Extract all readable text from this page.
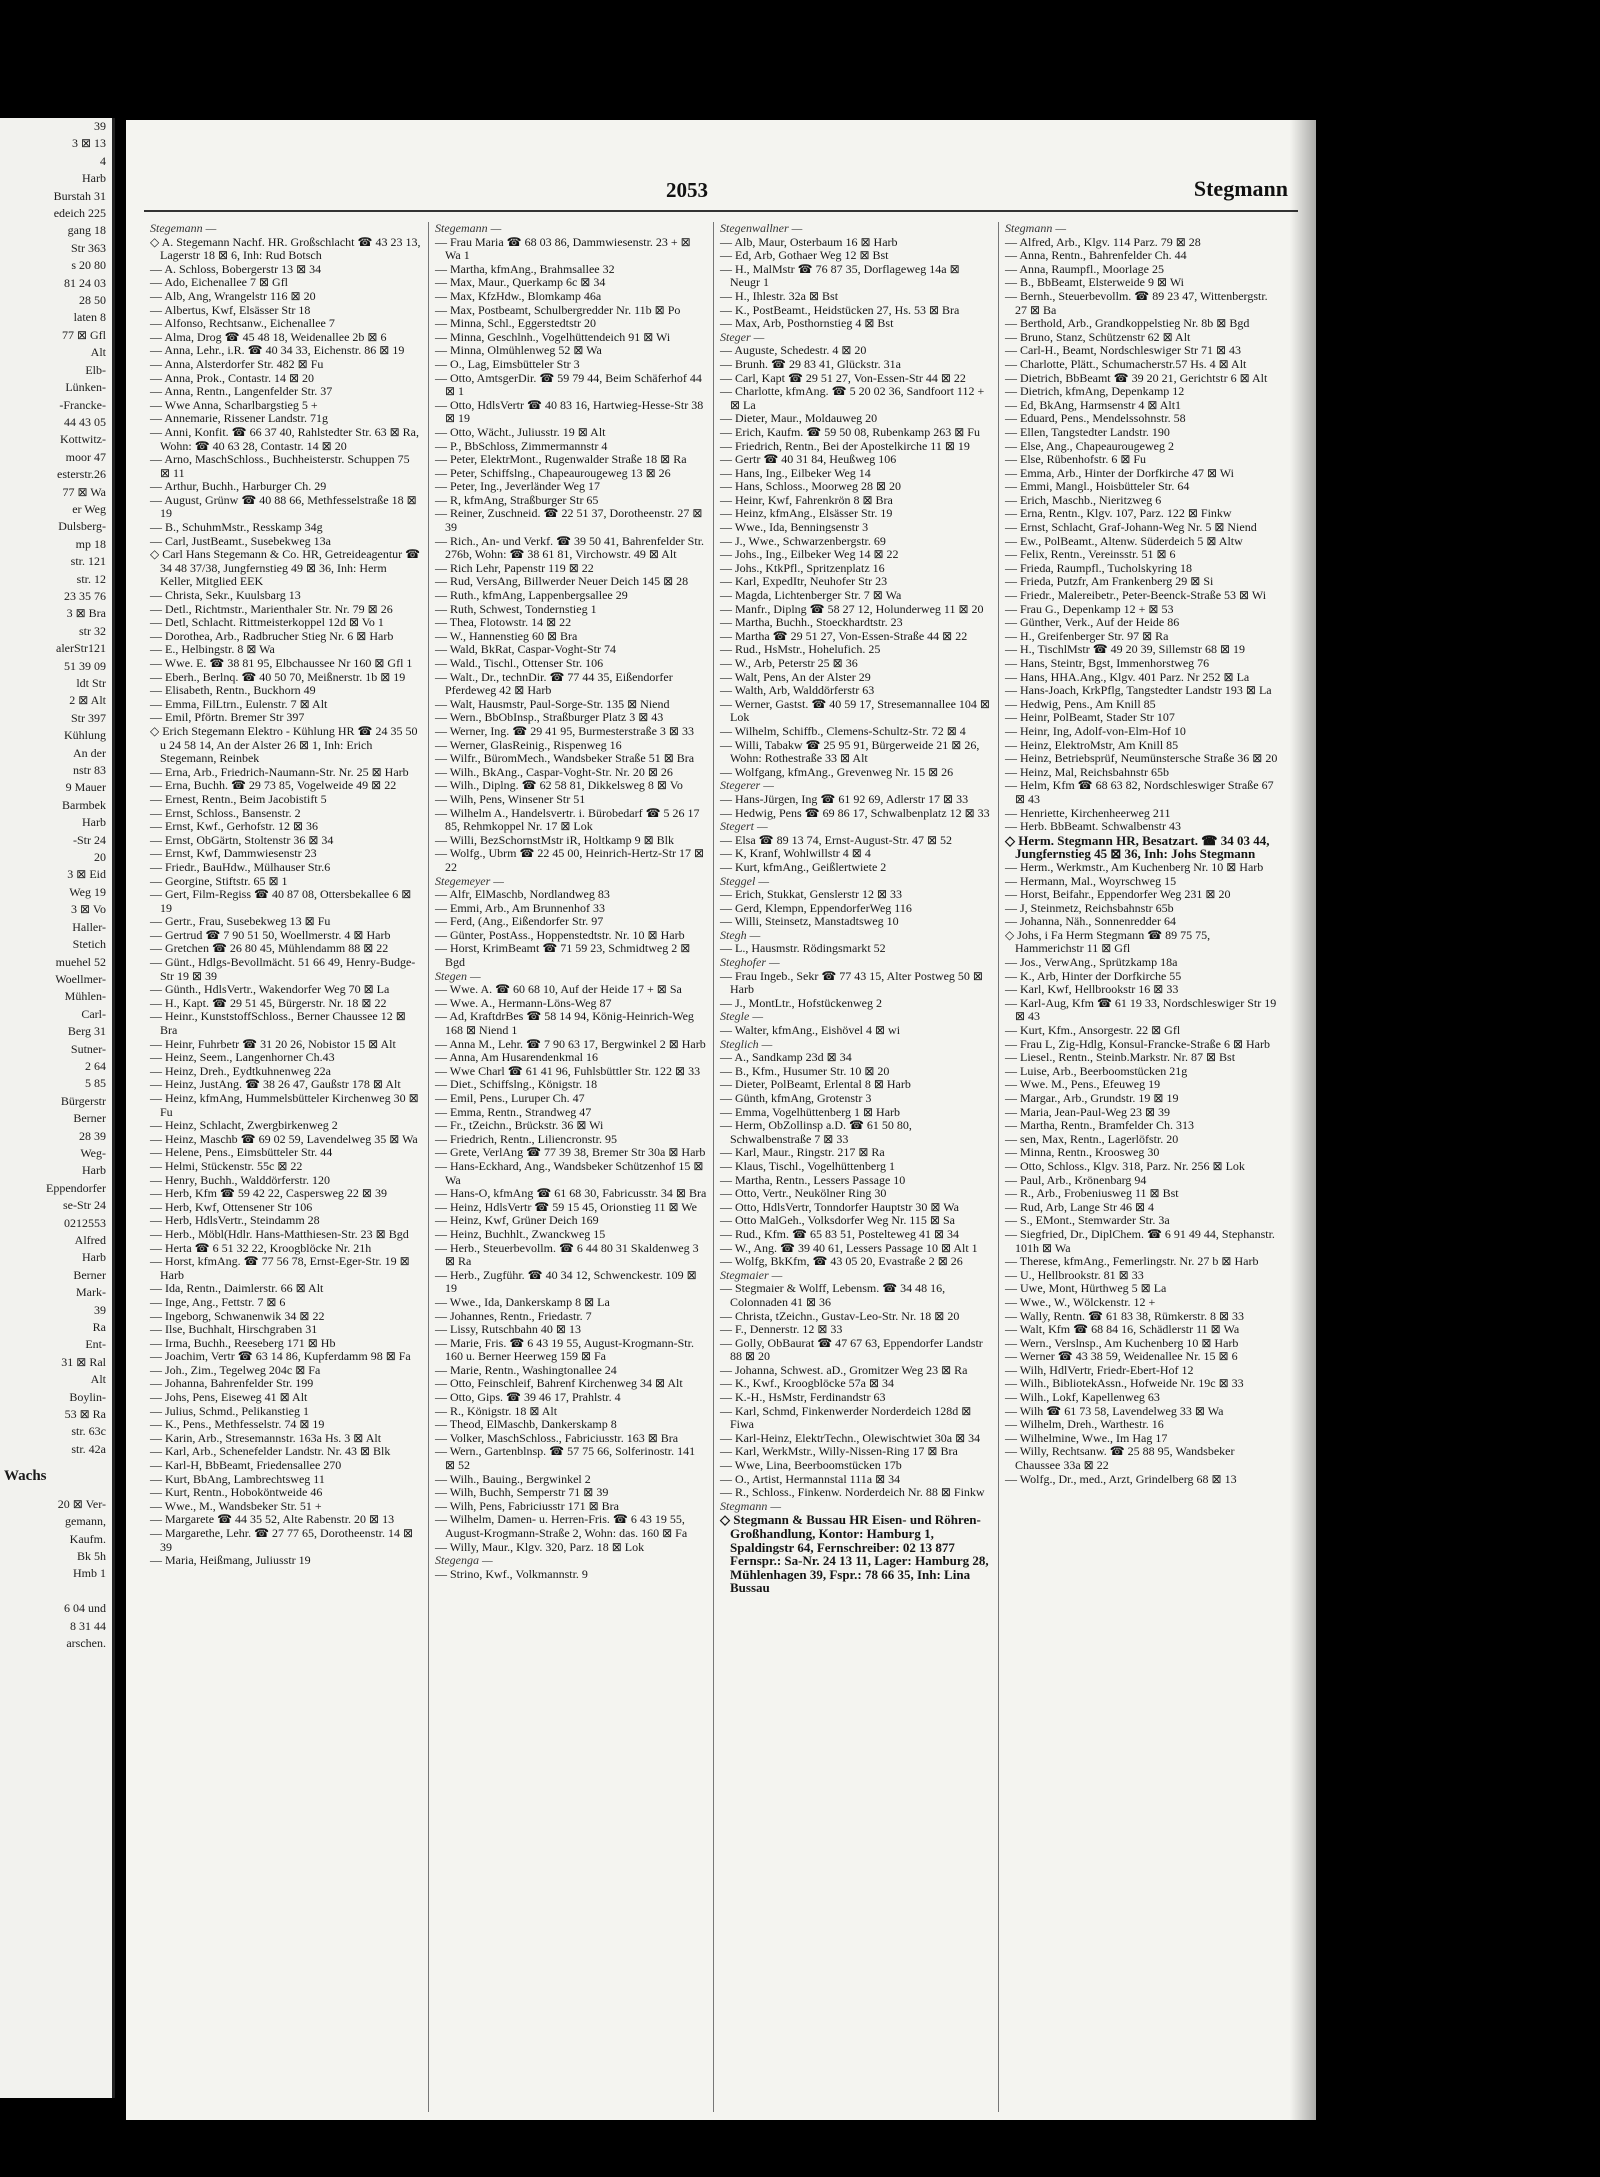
39
3 ⊠ 13
4
Harb
Burstah 31
edeich 225
gang 18
Str 363
s 20 80
81 24 03
28 50
laten 8
77 ⊠ Gfl
Alt
Elb-
Lünken-
-Francke-
44 43 05
Kottwitz-
moor 47
esterstr.26
77 ⊠ Wa
er Weg
Dulsberg-
mp 18
str. 121
str. 12
23 35 76
3 ⊠ Bra
str 32
alerStr121
51 39 09
ldt Str
2 ⊠ Alt
Str 397
Kühlung
An der
nstr 83
9 Mauer
Barmbek
Harb
-Str 24
20
3 ⊠ Eid
Weg 19
3 ⊠ Vo
Haller-
Stetich
muehel 52
Woellmer-
Mühlen-
Carl-
Berg 31
Sutner-
2 64
5 85
Bürgerstr
Berner
28 39
Weg-
Harb
Eppendorfer
se-Str 24
0212553
Alfred
Harb
Berner
Mark-
39
Ra
Ent-
31 ⊠ Ral
Alt
Boylin-
53 ⊠ Ra
str. 63c
str. 42a
Wachs
20 ⊠ Ver-
gemann,
Kaufm.
Bk 5h
Hmb 1

6 04 und
8 31 44
arschen.
2053	Stegmann

Stegemann —

◇ A. Stegemann Nachf. HR. Großschlacht ☎ 43 23 13, Lagerstr 18 ⊠ 6, Inh: Rud Botsch

— A. Schloss, Bobergerstr 13 ⊠ 34

— Ado, Eichenallee 7 ⊠ Gfl

— Alb, Ang, Wrangelstr 116 ⊠ 20

— Albertus, Kwf, Elsässer Str 18

— Alfonso, Rechtsanw., Eichenallee 7

— Alma, Drog ☎ 45 48 18, Weidenallee 2b ⊠ 6

— Anna, Lehr., i.R. ☎ 40 34 33, Eichenstr. 86 ⊠ 19

— Anna, Alsterdorfer Str. 482 ⊠ Fu

— Anna, Prok., Contastr. 14 ⊠ 20

— Anna, Rentn., Langenfelder Str. 37

— Wwe Anna, Scharlbargstieg 5 +

— Annemarie, Rissener Landstr. 71g

— Anni, Konfit. ☎ 66 37 40, Rahlstedter Str. 63 ⊠ Ra, Wohn: ☎ 40 63 28, Contastr. 14 ⊠ 20

— Arno, MaschSchloss., Buchheisterstr. Schuppen 75 ⊠ 11

— Arthur, Buchh., Harburger Ch. 29

— August, Grünw ☎ 40 88 66, Methfesselstraße 18 ⊠ 19

— B., SchuhmMstr., Resskamp 34g

— Carl, JustBeamt., Susebekweg 13a

◇ Carl Hans Stegemann & Co. HR, Getreideagentur ☎ 34 48 37/38, Jungfernstieg 49 ⊠ 36, Inh: Herm Keller, Mitglied EEK

— Christa, Sekr., Kuulsbarg 13

— Detl., Richtmstr., Marienthaler Str. Nr. 79 ⊠ 26

— Detl, Schlacht. Rittmeisterkoppel 12d ⊠ Vo 1

— Dorothea, Arb., Radbrucher Stieg Nr. 6 ⊠ Harb

— E., Helbingstr. 8 ⊠ Wa

— Wwe. E. ☎ 38 81 95, Elbchaussee Nr 160 ⊠ Gfl 1

— Eberh., Berlnq. ☎ 40 50 70, Meißnerstr. 1b ⊠ 19

— Elisabeth, Rentn., Buckhorn 49

— Emma, FilLtrn., Eulenstr. 7 ⊠ Alt

— Emil, Pförtn. Bremer Str 397

◇ Erich Stegemann Elektro - Kühlung HR ☎ 24 35 50 u 24 58 14, An der Alster 26 ⊠ 1, Inh: Erich Stegemann, Reinbek

— Erna, Arb., Friedrich-Naumann-Str. Nr. 25 ⊠ Harb

— Erna, Buchh. ☎ 29 73 85, Vogelweide 49 ⊠ 22

— Ernest, Rentn., Beim Jacobistift 5

— Ernst, Schloss., Bansenstr. 2

— Ernst, Kwf., Gerhofstr. 12 ⊠ 36

— Ernst, ObGärtn, Stoltenstr 36 ⊠ 34

— Ernst, Kwf, Dammwiesenstr 23

— Friedr., BauHdw., Mülhauser Str.6

— Georgine, Stiftstr. 65 ⊠ 1

— Gert, Film-Regiss ☎ 40 87 08, Ottersbekallee 6 ⊠ 19

— Gertr., Frau, Susebekweg 13 ⊠ Fu

— Gertrud ☎ 7 90 51 50, Woellmerstr. 4 ⊠ Harb

— Gretchen ☎ 26 80 45, Mühlendamm 88 ⊠ 22

— Günt., Hdlgs-Bevollmächt. 51 66 49, Henry-Budge-Str 19 ⊠ 39

— Günth., HdlsVertr., Wakendorfer Weg 70 ⊠ La

— H., Kapt. ☎ 29 51 45, Bürgerstr. Nr. 18 ⊠ 22

— Heinr., KunststoffSchloss., Berner Chaussee 12 ⊠ Bra

— Heinr, Fuhrbetr ☎ 31 20 26, Nobistor 15 ⊠ Alt

— Heinz, Seem., Langenhorner Ch.43

— Heinz, Dreh., Eydtkuhnenweg 22a

— Heinz, JustAng. ☎ 38 26 47, Gaußstr 178 ⊠ Alt

— Heinz, kfmAng, Hummelsbütteler Kirchenweg 30 ⊠ Fu

— Heinz, Schlacht, Zwergbirkenweg 2

— Heinz, Maschb ☎ 69 02 59, Lavendelweg 35 ⊠ Wa

— Helene, Pens., Eimsbütteler Str. 44

— Helmi, Stückenstr. 55c ⊠ 22

— Henry, Buchh., Walddörferstr. 120

— Herb, Kfm ☎ 59 42 22, Caspersweg 22 ⊠ 39

— Herb, Kwf, Ottensener Str 106

— Herb, HdlsVertr., Steindamm 28

— Herb., Möbl(Hdlr. Hans-Matthiesen-Str. 23 ⊠ Bgd

— Herta ☎ 6 51 32 22, Kroogblöcke Nr. 21h

— Horst, kfmAng. ☎ 77 56 78, Ernst-Eger-Str. 19 ⊠ Harb

— Ida, Rentn., Daimlerstr. 66 ⊠ Alt

— Inge, Ang., Fettstr. 7 ⊠ 6

— Ingeborg, Schwanenwik 34 ⊠ 22

— Ilse, Buchhalt, Hirschgraben 31

— Irma, Buchh., Reeseberg 171 ⊠ Hb

— Joachim, Vertr ☎ 63 14 86, Kupferdamm 98 ⊠ Fa

— Joh., Zim., Tegelweg 204c ⊠ Fa

— Johanna, Bahrenfelder Str. 199

— Johs, Pens, Eiseweg 41 ⊠ Alt

— Julius, Schmd., Pelikanstieg 1

— K., Pens., Methfesselstr. 74 ⊠ 19

— Karin, Arb., Stresemannstr. 163a Hs. 3 ⊠ Alt

— Karl, Arb., Schenefelder Landstr. Nr. 43 ⊠ Blk

— Karl-H, BbBeamt, Friedensallee 270

— Kurt, BbAng, Lambrechtsweg 11

— Kurt, Rentn., Hoboköntweide 46

— Wwe., M., Wandsbeker Str. 51 +

— Margarete ☎ 44 35 52, Alte Rabenstr. 20 ⊠ 13

— Margarethe, Lehr. ☎ 27 77 65, Dorotheenstr. 14 ⊠ 39

— Maria, Heißmang, Juliusstr 19

Stegemann —

— Frau Maria ☎ 68 03 86, Dammwiesenstr. 23 + ⊠ Wa 1

— Martha, kfmAng., Brahmsallee 32

— Max, Maur., Querkamp 6c ⊠ 34

— Max, KfzHdw., Blomkamp 46a

— Max, Postbeamt, Schulbergredder Nr. 11b ⊠ Po

— Minna, Schl., Eggerstedtstr 20

— Minna, Geschlnh., Vogelhüttendeich 91 ⊠ Wi

— Minna, Olmühlenweg 52 ⊠ Wa

— O., Lag, Eimsbütteler Str 3

— Otto, AmtsgerDir. ☎ 59 79 44, Beim Schäferhof 44 ⊠ 1

— Otto, HdlsVertr ☎ 40 83 16, Hartwieg-Hesse-Str 38 ⊠ 19

— Otto, Wächt., Juliusstr. 19 ⊠ Alt

— P., BbSchloss, Zimmermannstr 4

— Peter, ElektrMont., Rugenwalder Straße 18 ⊠ Ra

— Peter, Schiffslng., Chapeaurougeweg 13 ⊠ 26

— Peter, Ing., Jeverländer Weg 17

— R, kfmAng, Straßburger Str 65

— Reiner, Zuschneid. ☎ 22 51 37, Dorotheenstr. 27 ⊠ 39

— Rich., An- und Verkf. ☎ 39 50 41, Bahrenfelder Str. 276b, Wohn: ☎ 38 61 81, Virchowstr. 49 ⊠ Alt

— Rich Lehr, Papenstr 119 ⊠ 22

— Rud, VersAng, Billwerder Neuer Deich 145 ⊠ 28

— Ruth., kfmAng, Lappenbergsallee 29

— Ruth, Schwest, Tondernstieg 1

— Thea, Flotowstr. 14 ⊠ 22

— W., Hannenstieg 60 ⊠ Bra

— Wald, BkRat, Caspar-Voght-Str 74

— Wald., Tischl., Ottenser Str. 106

— Walt., Dr., technDir. ☎ 77 44 35, Eißendorfer Pferdeweg 42 ⊠ Harb

— Walt, Hausmstr, Paul-Sorge-Str. 135 ⊠ Niend

— Wern., BbObInsp., Straßburger Platz 3 ⊠ 43

— Werner, Ing. ☎ 29 41 95, Burmesterstraße 3 ⊠ 33

— Werner, GlasReinig., Rispenweg 16

— Wilfr., BüromMech., Wandsbeker Straße 51 ⊠ Bra

— Wilh., BkAng., Caspar-Voght-Str. Nr. 20 ⊠ 26

— Wilh., Diplng. ☎ 62 58 81, Dikkelsweg 8 ⊠ Vo

— Wilh, Pens, Winsener Str 51

— Wilhelm A., Handelsvertr. i. Bürobedarf ☎ 5 26 17 85, Rehmkoppel Nr. 17 ⊠ Lok

— Willi, BezSchornstMstr iR, Holtkamp 9 ⊠ Blk

— Wolfg., Ubrm ☎ 22 45 00, Heinrich-Hertz-Str 17 ⊠ 22

Stegemeyer —

— Alfr, ElMaschb, Nordlandweg 83

— Emmi, Arb., Am Brunnenhof 33

— Ferd, (Ang., Eißendorfer Str. 97

— Günter, PostAss., Hoppenstedtstr. Nr. 10 ⊠ Harb

— Horst, KrimBeamt ☎ 71 59 23, Schmidtweg 2 ⊠ Bgd

Stegen —

— Wwe. A. ☎ 60 68 10, Auf der Heide 17 + ⊠ Sa

— Wwe. A., Hermann-Löns-Weg 87

— Ad, KraftdrBes ☎ 58 14 94, König-Heinrich-Weg 168 ⊠ Niend 1

— Anna M., Lehr. ☎ 7 90 63 17, Bergwinkel 2 ⊠ Harb

— Anna, Am Husarendenkmal 16

— Wwe Charl ☎ 61 41 96, Fuhlsbüttler Str. 122 ⊠ 33

— Diet., Schiffslng., Königstr. 18

— Emil, Pens., Luruper Ch. 47

— Emma, Rentn., Strandweg 47

— Fr., tZeichn., Brückstr. 36 ⊠ Wi

— Friedrich, Rentn., Liliencronstr. 95

— Grete, VerlAng ☎ 77 39 38, Bremer Str 30a ⊠ Harb

— Hans-Eckhard, Ang., Wandsbeker Schützenhof 15 ⊠ Wa

— Hans-O, kfmAng ☎ 61 68 30, Fabricusstr. 34 ⊠ Bra

— Heinz, HdlsVertr ☎ 59 15 45, Orionstieg 11 ⊠ We

— Heinz, Kwf, Grüner Deich 169

— Heinz, Buchhlt., Zwanckweg 15

— Herb., Steuerbevollm. ☎ 6 44 80 31 Skaldenweg 3 ⊠ Ra

— Herb., Zugführ. ☎ 40 34 12, Schwenckestr. 109 ⊠ 19

— Wwe., Ida, Dankerskamp 8 ⊠ La

— Johannes, Rentn., Friedastr. 7

— Lissy, Rutschbahn 40 ⊠ 13

— Marie, Fris. ☎ 6 43 19 55, August-Krogmann-Str. 160 u. Berner Heerweg 159 ⊠ Fa

— Marie, Rentn., Washingtonallee 24

— Otto, Feinschleif, Bahrenf Kirchenweg 34 ⊠ Alt

— Otto, Gips. ☎ 39 46 17, Prahlstr. 4

— R., Königstr. 18 ⊠ Alt

— Theod, ElMaschb, Dankerskamp 8

— Volker, MaschSchloss., Fabriciusstr. 163 ⊠ Bra

— Wern., Gartenblnsp. ☎ 57 75 66, Solferinostr. 141 ⊠ 52

— Wilh., Bauing., Bergwinkel 2

— Wilh, Buchh, Semperstr 71 ⊠ 39

— Wilh, Pens, Fabriciusstr 171 ⊠ Bra

— Wilhelm, Damen- u. Herren-Fris. ☎ 6 43 19 55, August-Krogmann-Straße 2, Wohn: das. 160 ⊠ Fa

— Willy, Maur., Klgv. 320, Parz. 18 ⊠ Lok

Stegenga —

— Strino, Kwf., Volkmannstr. 9

Stegenwallner —

— Alb, Maur, Osterbaum 16 ⊠ Harb

— Ed, Arb, Gothaer Weg 12 ⊠ Bst

— H., MalMstr ☎ 76 87 35, Dorflageweg 14a ⊠ Neugr 1

— H., Ihlestr. 32a ⊠ Bst

— K., PostBeamt., Heidstücken 27, Hs. 53 ⊠ Bra

— Max, Arb, Posthornstieg 4 ⊠ Bst

Steger —

— Auguste, Schedestr. 4 ⊠ 20

— Brunh. ☎ 29 83 41, Glückstr. 31a

— Carl, Kapt ☎ 29 51 27, Von-Essen-Str 44 ⊠ 22

— Charlotte, kfmAng. ☎ 5 20 02 36, Sandfoort 112 + ⊠ La

— Dieter, Maur., Moldauweg 20

— Erich, Kaufm. ☎ 59 50 08, Rubenkamp 263 ⊠ Fu

— Friedrich, Rentn., Bei der Apostelkirche 11 ⊠ 19

— Gertr ☎ 40 31 84, Heußweg 106

— Hans, Ing., Eilbeker Weg 14

— Hans, Schloss., Moorweg 28 ⊠ 20

— Heinr, Kwf, Fahrenkrön 8 ⊠ Bra

— Heinz, kfmAng., Elsässer Str. 19

— Wwe., Ida, Benningsenstr 3

— J., Wwe., Schwarzenbergstr. 69

— Johs., Ing., Eilbeker Weg 14 ⊠ 22

— Johs., KtkPfl., Spritzenplatz 16

— Karl, ExpedItr, Neuhofer Str 23

— Magda, Lichtenberger Str. 7 ⊠ Wa

— Manfr., Diplng ☎ 58 27 12, Holunderweg 11 ⊠ 20

— Martha, Buchh., Stoeckhardtstr. 23

— Martha ☎ 29 51 27, Von-Essen-Straße 44 ⊠ 22

— Rud., HsMstr., Hohelufich. 25

— W., Arb, Peterstr 25 ⊠ 36

— Walt, Pens, An der Alster 29

— Walth, Arb, Walddörferstr 63

— Werner, Gastst. ☎ 40 59 17, Stresemannallee 104 ⊠ Lok

— Wilhelm, Schiffb., Clemens-Schultz-Str. 72 ⊠ 4

— Willi, Tabakw ☎ 25 95 91, Bürgerweide 21 ⊠ 26, Wohn: Rothestraße 33 ⊠ Alt

— Wolfgang, kfmAng., Grevenweg Nr. 15 ⊠ 26

Stegerer —

— Hans-Jürgen, Ing ☎ 61 92 69, Adlerstr 17 ⊠ 33

— Hedwig, Pens ☎ 69 86 17, Schwalbenplatz 12 ⊠ 33

Stegert —

— Elsa ☎ 89 13 74, Ernst-August-Str. 47 ⊠ 52

— K, Kranf, Wohlwillstr 4 ⊠ 4

— Kurt, kfmAng., Geißlertwiete 2

Steggel —

— Erich, Stukkat, Genslerstr 12 ⊠ 33

— Gerd, Klempn, EppendorferWeg 116

— Willi, Steinsetz, Manstadtsweg 10

Stegh —

— L., Hausmstr. Rödingsmarkt 52

Steghofer —

— Frau Ingeb., Sekr ☎ 77 43 15, Alter Postweg 50 ⊠ Harb

— J., MontLtr., Hofstückenweg 2

Stegle —

— Walter, kfmAng., Eishövel 4 ⊠ wi

Steglich —

— A., Sandkamp 23d ⊠ 34

— B., Kfm., Husumer Str. 10 ⊠ 20

— Dieter, PolBeamt, Erlental 8 ⊠ Harb

— Günth, kfmAng, Grotenstr 3

— Emma, Vogelhüttenberg 1 ⊠ Harb

— Herm, ObZollinsp a.D. ☎ 61 50 80, Schwalbenstraße 7 ⊠ 33

— Karl, Maur., Ringstr. 217 ⊠ Ra

— Klaus, Tischl., Vogelhüttenberg 1

— Martha, Rentn., Lessers Passage 10

— Otto, Vertr., Neukölner Ring 30

— Otto, HdlsVertr, Tonndorfer Hauptstr 30 ⊠ Wa

— Otto MalGeh., Volksdorfer Weg Nr. 115 ⊠ Sa

— Rud., Kfm. ☎ 65 83 51, Postelteweg 41 ⊠ 34

— W., Ang. ☎ 39 40 61, Lessers Passage 10 ⊠ Alt 1

— Wolfg, BkKfm, ☎ 43 05 20, Evastraße 2 ⊠ 26

Stegmaier —

— Stegmaier & Wolff, Lebensm. ☎ 34 48 16, Colonnaden 41 ⊠ 36

— Christa, tZeichn., Gustav-Leo-Str. Nr. 18 ⊠ 20

— F., Dennerstr. 12 ⊠ 33

— Golly, ObBaurat ☎ 47 67 63, Eppendorfer Landstr 88 ⊠ 20

— Johanna, Schwest. aD., Gromitzer Weg 23 ⊠ Ra

— K., Kwf., Kroogblöcke 57a ⊠ 34

— K.-H., HsMstr, Ferdinandstr 63

— Karl, Schmd, Finkenwerder Norderdeich 128d ⊠ Fiwa

— Karl-Heinz, ElektrTechn., Olewischtwiet 30a ⊠ 34

— Karl, WerkMstr., Willy-Nissen-Ring 17 ⊠ Bra

— Wwe, Lina, Beerboomstücken 17b

— O., Artist, Hermannstal 111a ⊠ 34

— R., Schloss., Finkenw. Norderdeich Nr. 88 ⊠ Finkw

Stegmann —

◇ Stegmann & Bussau HR Eisen- und Röhren-Großhandlung, Kontor: Hamburg 1, Spaldingstr 64, Fernschreiber: 02 13 877 Fernspr.: Sa-Nr. 24 13 11, Lager: Hamburg 28, Mühlenhagen 39, Fspr.: 78 66 35, Inh: Lina Bussau

Stegmann —

— Alfred, Arb., Klgv. 114 Parz. 79 ⊠ 28

— Anna, Rentn., Bahrenfelder Ch. 44

— Anna, Raumpfl., Moorlage 25

— B., BbBeamt, Elsterweide 9 ⊠ Wi

— Bernh., Steuerbevollm. ☎ 89 23 47, Wittenbergstr. 27 ⊠ Ba

— Berthold, Arb., Grandkoppelstieg Nr. 8b ⊠ Bgd

— Bruno, Stanz, Schützenstr 62 ⊠ Alt

— Carl-H., Beamt, Nordschleswiger Str 71 ⊠ 43

— Charlotte, Plätt., Schumacherstr.57 Hs. 4 ⊠ Alt

— Dietrich, BbBeamt ☎ 39 20 21, Gerichtstr 6 ⊠ Alt

— Dietrich, kfmAng, Depenkamp 12

— Ed, BkAng, Harmsenstr 4 ⊠ Alt1

— Eduard, Pens., Mendelssohnstr. 58

— Ellen, Tangstedter Landstr. 190

— Else, Ang., Chapeaurougeweg 2

— Else, Rübenhofstr. 6 ⊠ Fu

— Emma, Arb., Hinter der Dorfkirche 47 ⊠ Wi

— Emmi, Mangl., Hoisbütteler Str. 64

— Erich, Maschb., Nieritzweg 6

— Erna, Rentn., Klgv. 107, Parz. 122 ⊠ Finkw

— Ernst, Schlacht, Graf-Johann-Weg Nr. 5 ⊠ Niend

— Ew., PolBeamt., Altenw. Süderdeich 5 ⊠ Altw

— Felix, Rentn., Vereinsstr. 51 ⊠ 6

— Frieda, Raumpfl., Tucholskyring 18

— Frieda, Putzfr, Am Frankenberg 29 ⊠ Si

— Friedr., Malereibetr., Peter-Beenck-Straße 53 ⊠ Wi

— Frau G., Depenkamp 12 + ⊠ 53

— Günther, Verk., Auf der Heide 86

— H., Greifenberger Str. 97 ⊠ Ra

— H., TischlMstr ☎ 49 20 39, Sillemstr 68 ⊠ 19

— Hans, Steintr, Bgst, Immenhorstweg 76

— Hans, HHA.Ang., Klgv. 401 Parz. Nr 252 ⊠ La

— Hans-Joach, KrkPflg, Tangstedter Landstr 193 ⊠ La

— Hedwig, Pens., Am Knill 85

— Heinr, PolBeamt, Stader Str 107

— Heinr, Ing, Adolf-von-Elm-Hof 10

— Heinz, ElektroMstr, Am Knill 85

— Heinz, Betriebsprüf, Neumünstersche Straße 36 ⊠ 20

— Heinz, Mal, Reichsbahnstr 65b

— Helm, Kfm ☎ 68 63 82, Nordschleswiger Straße 67 ⊠ 43

— Henriette, Kirchenheerweg 211

— Herb. BbBeamt. Schwalbenstr 43

◇ Herm. Stegmann HR, Besatzart. ☎ 34 03 44, Jungfernstieg 45 ⊠ 36, Inh: Johs Stegmann

— Herm., Werkmstr., Am Kuchenberg Nr. 10 ⊠ Harb

— Hermann, Mal., Woyrschweg 15

— Horst, Beifahr., Eppendorfer Weg 231 ⊠ 20

— J, Steinmetz, Reichsbahnstr 65b

— Johanna, Näh., Sonnenredder 64

◇ Johs, i Fa Herm Stegmann ☎ 89 75 75, Hammerichstr 11 ⊠ Gfl

— Jos., VerwAng., Sprützkamp 18a

— K., Arb, Hinter der Dorfkirche 55

— Karl, Kwf, Hellbrookstr 16 ⊠ 33

— Karl-Aug, Kfm ☎ 61 19 33, Nordschleswiger Str 19 ⊠ 43

— Kurt, Kfm., Ansorgestr. 22 ⊠ Gfl

— Frau L, Zig-Hdlg, Konsul-Francke-Straße 6 ⊠ Harb

— Liesel., Rentn., Steinb.Markstr. Nr. 87 ⊠ Bst

— Luise, Arb., Beerboomstücken 21g

— Wwe. M., Pens., Efeuweg 19

— Margar., Arb., Grundstr. 19 ⊠ 19

— Maria, Jean-Paul-Weg 23 ⊠ 39

— Martha, Rentn., Bramfelder Ch. 313

— sen, Max, Rentn., Lagerlöfstr. 20

— Minna, Rentn., Kroosweg 30

— Otto, Schloss., Klgv. 318, Parz. Nr. 256 ⊠ Lok

— Paul, Arb., Krönenbarg 94

— R., Arb., Frobeniusweg 11 ⊠ Bst

— Rud, Arb, Lange Str 46 ⊠ 4

— S., EMont., Stemwarder Str. 3a

— Siegfried, Dr., DiplChem. ☎ 6 91 49 44, Stephanstr. 101h ⊠ Wa

— Therese, kfmAng., Femerlingstr. Nr. 27 b ⊠ Harb

— U., Hellbrookstr. 81 ⊠ 33

— Uwe, Mont, Hürthweg 5 ⊠ La

— Wwe., W., Wölckenstr. 12 +

— Wally, Rentn. ☎ 61 83 38, Rümkerstr. 8 ⊠ 33

— Walt, Kfm ☎ 68 84 16, Schädlerstr 11 ⊠ Wa

— Wern., Verslnsp., Am Kuchenberg 10 ⊠ Harb

— Werner ☎ 43 38 59, Weidenallee Nr. 15 ⊠ 6

— Wilh, HdlVertr, Friedr-Ebert-Hof 12

— Wilh., BibliotekAssn., Hofweide Nr. 19c ⊠ 33

— Wilh., Lokf, Kapellenweg 63

— Wilh ☎ 61 73 58, Lavendelweg 33 ⊠ Wa

— Wilhelm, Dreh., Warthestr. 16

— Wilhelmine, Wwe., Im Hag 17

— Willy, Rechtsanw. ☎ 25 88 95, Wandsbeker Chaussee 33a ⊠ 22

— Wolfg., Dr., med., Arzt, Grindelberg 68 ⊠ 13
